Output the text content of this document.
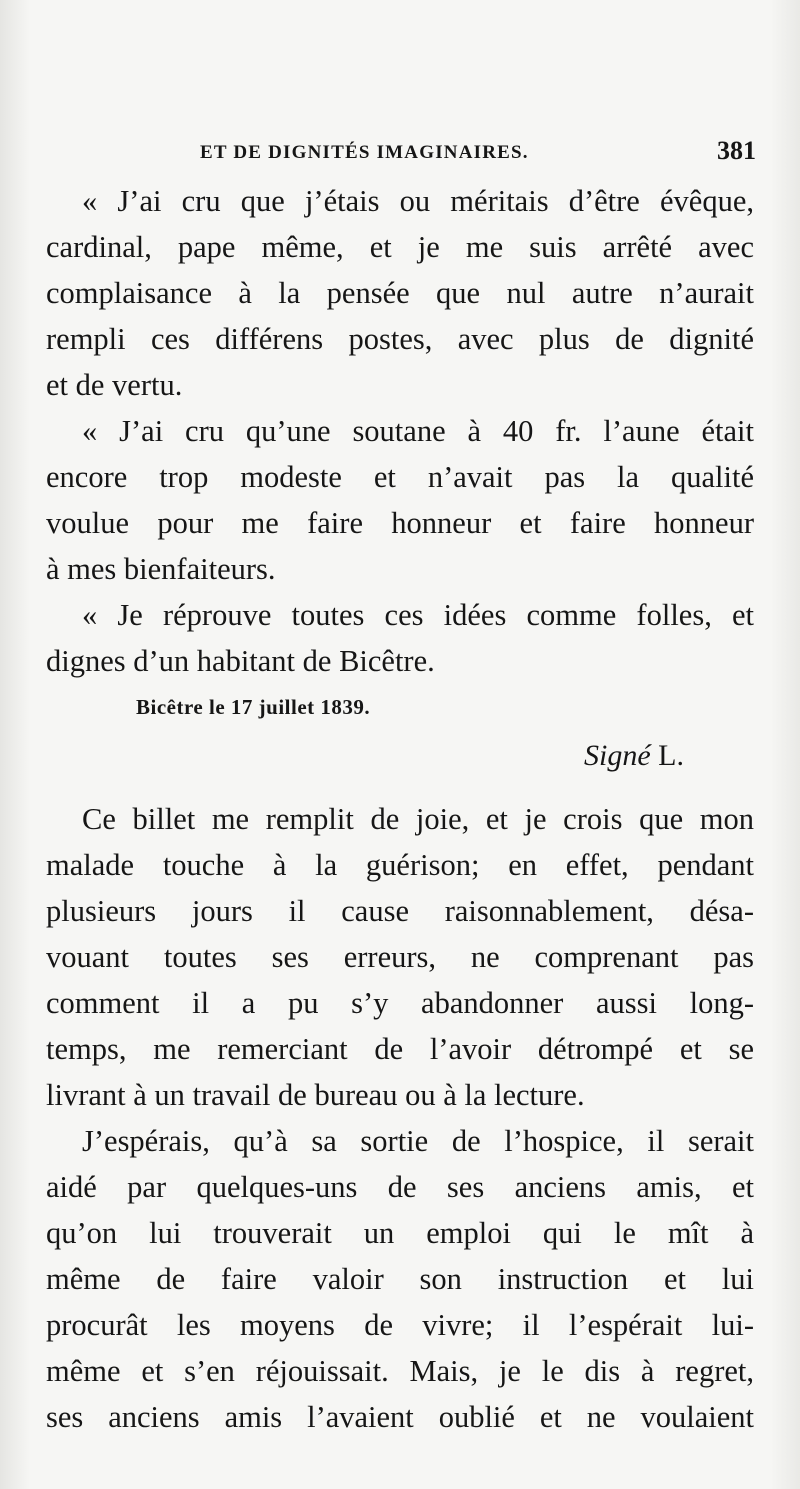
ET DE DIGNITÉS IMAGINAIRES.	381
« J’ai cru que j’étais ou méritais d’être évêque,
cardinal, pape même, et je me suis arrêté avec
complaisance à la pensée que nul autre n’aurait
rempli ces différens postes, avec plus de dignité
et de vertu.
« J’ai cru qu’une soutane à 40 fr. l’aune était
encore trop modeste et n’avait pas la qualité
voulue pour me faire honneur et faire honneur
à mes bienfaiteurs.
« Je réprouve toutes ces idées comme folles, et
dignes d’un habitant de Bicêtre.
Bicêtre le 17 juillet 1839.
Signé L.
Ce billet me remplit de joie, et je crois que mon
malade touche à la guérison; en effet, pendant
plusieurs jours il cause raisonnablement, désa-
vouant toutes ses erreurs, ne comprenant pas
comment il a pu s’y abandonner aussi long-
temps, me remerciant de l’avoir détrompé et se
livrant à un travail de bureau ou à la lecture.
J’espérais, qu’à sa sortie de l’hospice, il serait
aidé par quelques-uns de ses anciens amis, et
qu’on lui trouverait un emploi qui le mît à
même de faire valoir son instruction et lui
procurât les moyens de vivre; il l’espérait lui-
même et s’en réjouissait. Mais, je le dis à regret,
ses anciens amis l’avaient oublié et ne voulaient
